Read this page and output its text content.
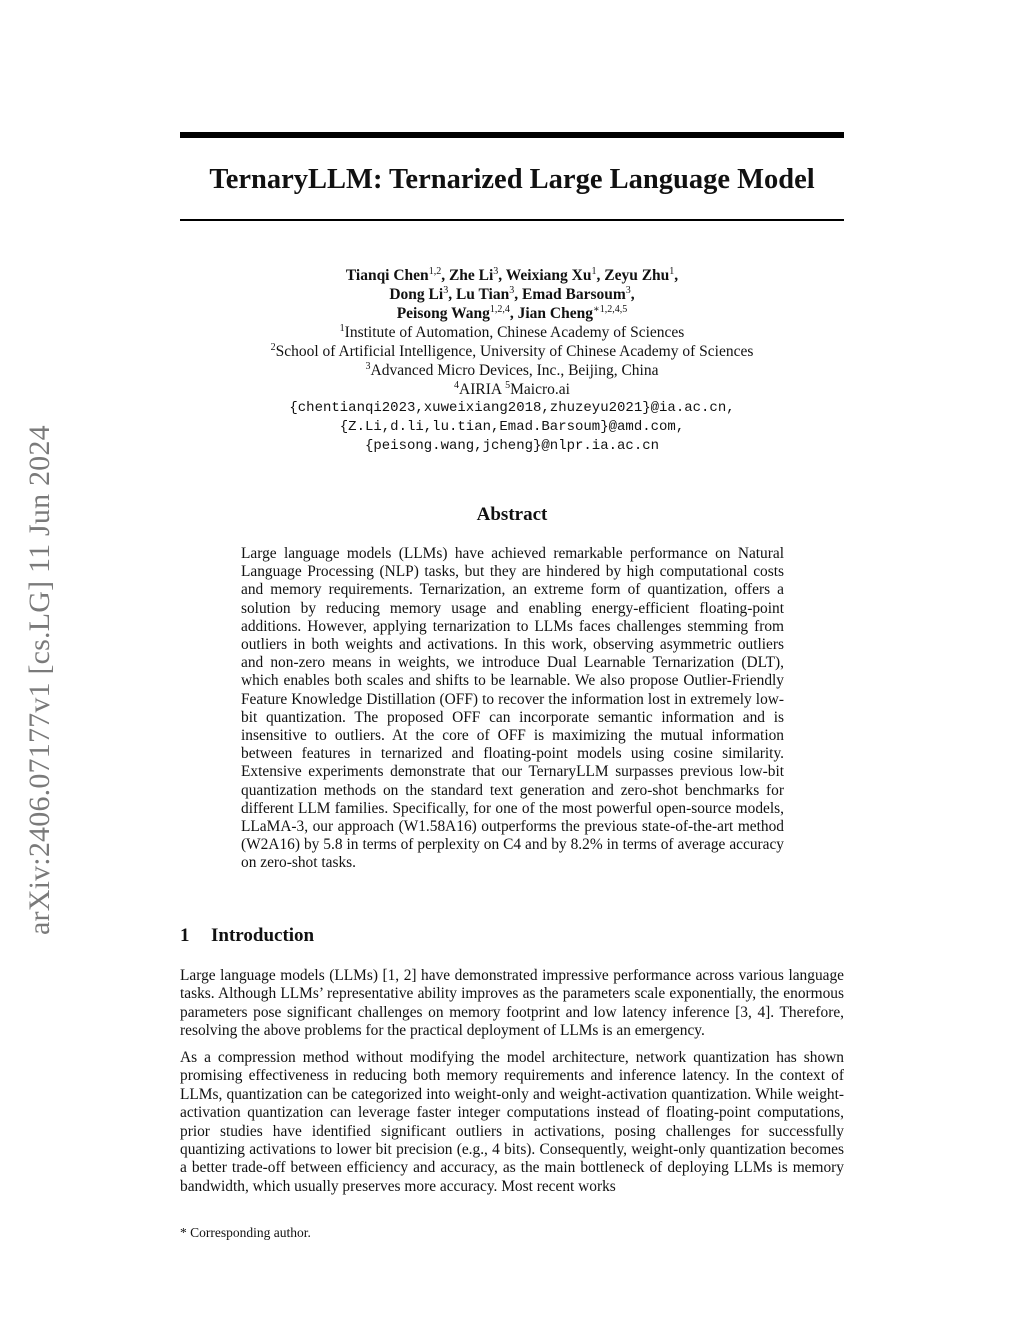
arXiv:2406.07177v1 [cs.LG] 11 Jun 2024
TernaryLLM: Ternarized Large Language Model
Tianqi Chen$^{1,2}$, Zhe Li$^3$, Weixiang Xu$^1$, Zeyu Zhu$^1$,
Dong Li$^3$, Lu Tian$^3$, Emad Barsoum$^3$,
Peisong Wang$^{1,2,4}$, Jian Cheng$^{∗1,2,4,5}$
$^1$Institute of Automation, Chinese Academy of Sciences
$^2$School of Artificial Intelligence, University of Chinese Academy of Sciences
$^3$Advanced Micro Devices, Inc., Beijing, China
$^4$AIRIA $^5$Maicro.ai
{chentianqi2023,xuweixiang2018,zhuzeyu2021}@ia.ac.cn,
{Z.Li,d.li,lu.tian,Emad.Barsoum}@amd.com,
{peisong.wang,jcheng}@nlpr.ia.ac.cn
Abstract

Large language models (LLMs) have achieved remarkable performance on Natural Language Processing (NLP) tasks, but they are hindered by high computational costs and memory requirements. Ternarization, an extreme form of quantization, offers a solution by reducing memory usage and enabling energy-efficient floating-point additions. However, applying ternarization to LLMs faces challenges stemming from outliers in both weights and activations. In this work, observing asymmetric outliers and non-zero means in weights, we introduce Dual Learnable Ternarization (DLT), which enables both scales and shifts to be learnable. We also propose Outlier-Friendly Feature Knowledge Distillation (OFF) to recover the information lost in extremely low-bit quantization. The proposed OFF can incorporate semantic information and is insensitive to outliers. At the core of OFF is maximizing the mutual information between features in ternarized and floating-point models using cosine similarity. Extensive experiments demonstrate that our TernaryLLM surpasses previous low-bit quantization methods on the standard text generation and zero-shot benchmarks for different LLM families. Specifically, for one of the most powerful open-source models, LLaMA-3, our approach (W1.58A16) outperforms the previous state-of-the-art method (W2A16) by 5.8 in terms of perplexity on C4 and by 8.2% in terms of average accuracy on zero-shot tasks.

1 Introduction

Large language models (LLMs) [1, 2] have demonstrated impressive performance across various language tasks. Although LLMs’ representative ability improves as the parameters scale exponentially, the enormous parameters pose significant challenges on memory footprint and low latency inference [3, 4]. Therefore, resolving the above problems for the practical deployment of LLMs is an emergency.

As a compression method without modifying the model architecture, network quantization has shown promising effectiveness in reducing both memory requirements and inference latency. In the context of LLMs, quantization can be categorized into weight-only and weight-activation quantization. While weight-activation quantization can leverage faster integer computations instead of floating-point computations, prior studies have identified significant outliers in activations, posing challenges for successfully quantizing activations to lower bit precision (e.g., 4 bits). Consequently, weight-only quantization becomes a better trade-off between efficiency and accuracy, as the main bottleneck of deploying LLMs is memory bandwidth, which usually preserves more accuracy. Most recent works

* Corresponding author.
